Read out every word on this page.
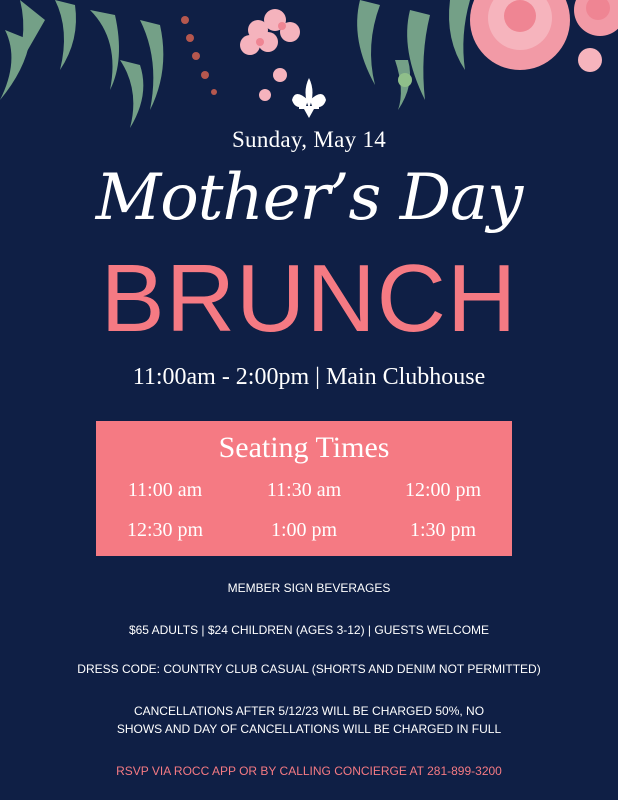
Sunday, May 14
Mother’s Day
BRUNCH
11:00am - 2:00pm | Main Clubhouse
Seating Times
11:00 am	11:30 am	12:00 pm
12:30 pm	1:00 pm	1:30 pm
MEMBER SIGN BEVERAGES
$65 ADULTS | $24 CHILDREN (AGES 3-12) | GUESTS WELCOME
DRESS CODE: COUNTRY CLUB CASUAL (SHORTS AND DENIM NOT PERMITTED)
CANCELLATIONS AFTER 5/12/23 WILL BE CHARGED 50%, NO
SHOWS AND DAY OF CANCELLATIONS WILL BE CHARGED IN FULL
RSVP VIA ROCC APP OR BY CALLING CONCIERGE AT 281-899-3200
